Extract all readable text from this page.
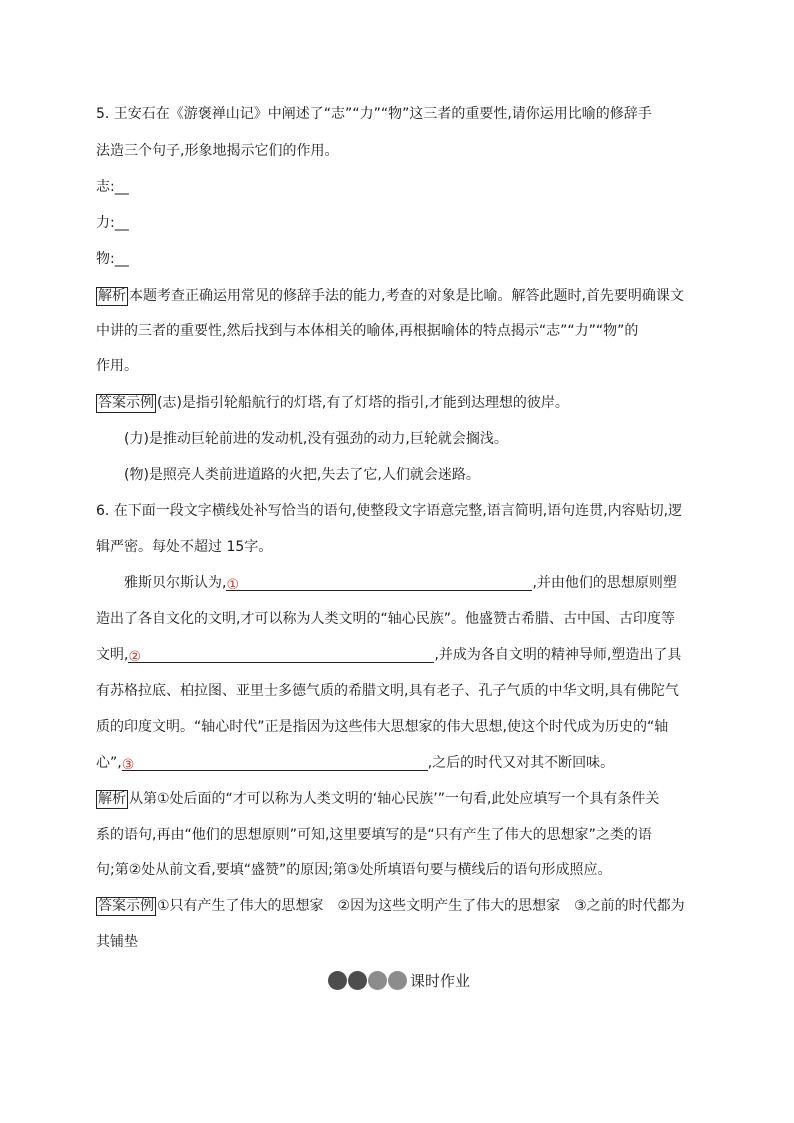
5. 王安石在《游褒禅山记》中阐述了“志”“力”“物”这三者的重要性,请你运用比喻的修辞手
法造三个句子,形象地揭示它们的作用。
志:__
力:__
物:__
解析 本题考查正确运用常见的修辞手法的能力,考查的对象是比喻。解答此题时,首先要明确课文
中讲的三者的重要性,然后找到与本体相关的喻体,再根据喻体的特点揭示“志”“力”“物”的
作用。
答案示例 (志)是指引轮船航行的灯塔,有了灯塔的指引,才能到达理想的彼岸。
(力)是推动巨轮前进的发动机,没有强劲的动力,巨轮就会搁浅。
(物)是照亮人类前进道路的火把,失去了它,人们就会迷路。
6. 在下面一段文字横线处补写恰当的语句,使整段文字语意完整,语言简明,语句连贯,内容贴切,逻
辑严密。每处不超过 15字。
雅斯贝尔斯认为,①	,并由他们的思想原则塑
造出了各自文化的文明,才可以称为人类文明的“轴心民族”。他盛赞古希腊、古中国、古印度等
文明,②	,并成为各自文明的精神导师,塑造出了具
有苏格拉底、柏拉图、亚里士多德气质的希腊文明,具有老子、孔子气质的中华文明,具有佛陀气
质的印度文明。“轴心时代”正是指因为这些伟大思想家的伟大思想,使这个时代成为历史的“轴
心”,③	,之后的时代又对其不断回味。
解析 从第①处后面的“才可以称为人类文明的‘轴心民族’”一句看,此处应填写一个具有条件关
系的语句,再由“他们的思想原则”可知,这里要填写的是“只有产生了伟大的思想家”之类的语
句;第②处从前文看,要填“盛赞”的原因;第③处所填语句要与横线后的语句形成照应。
答案示例 ①只有产生了伟大的思想家　②因为这些文明产生了伟大的思想家　③之前的时代都为
其铺垫
课时作业
